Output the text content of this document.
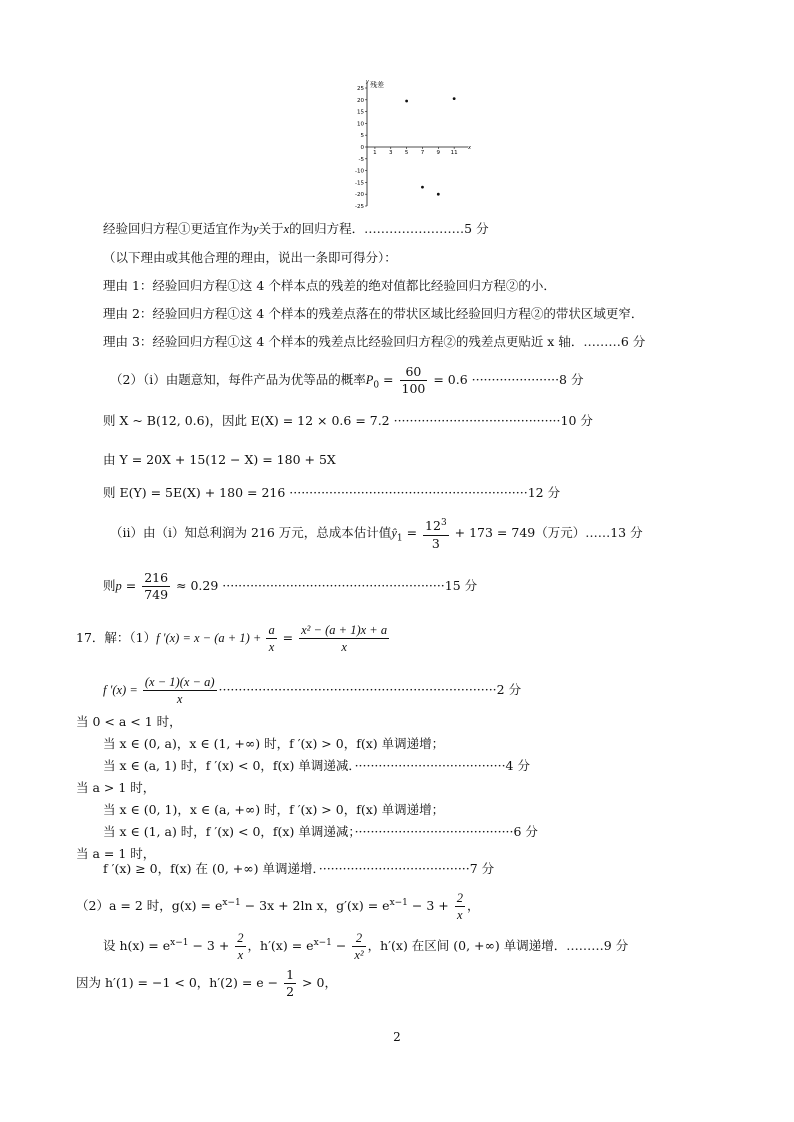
25
20
15
10
5
0
-5
-10
-15
-20
-25
1 3 5 7 9 11
残差
y
x
经验回归方程①更适宜作为y关于x的回归方程．……………………5 分
（以下理由或其他合理的理由，说出一条即可得分）：
理由 1：经验回归方程①这 4 个样本点的残差的绝对值都比经验回归方程②的小．
理由 2：经验回归方程①这 4 个样本的残差点落在的带状区域比经验回归方程②的带状区域更窄．
理由 3：经验回归方程①这 4 个样本的残差点比经验回归方程②的残差点更贴近 x 轴．………6 分
（2）（ⅰ）由题意知，每件产品为优等品的概率$P_0 = \frac{60}{100} = 0.6 \cdot\cdot\cdot\cdot\cdot\cdot\cdot\cdot\cdot\cdot\cdot\cdot\cdot\cdot\cdot\cdot\cdot\cdot\cdot\cdot\cdot\cdot 8$ 分
则 X ~ B(12, 0.6)，因此 E(X) = 12 × 0.6 = 7.2 ··········································10 分
由 Y = 20X + 15(12 − X) = 180 + 5X
则 E(Y) = 5E(X) + 180 = 216 ····························································12 分
（ⅱ）由（ⅰ）知总利润为 216 万元，总成本估计值$ŷ_1 = \frac{12^3}{3} + 173 = 749$（万元）……13 分
则$p = \frac{216}{749} \approx 0.29 \cdot\cdot\cdot\cdot\cdot\cdot\cdot\cdot\cdot\cdot\cdot\cdot\cdot\cdot\cdot\cdot\cdot\cdot\cdot\cdot\cdot\cdot\cdot\cdot\cdot\cdot\cdot\cdot\cdot\cdot\cdot\cdot\cdot\cdot\cdot\cdot\cdot\cdot\cdot\cdot\cdot\cdot\cdot\cdot\cdot\cdot\cdot\cdot\cdot\cdot\cdot\cdot\cdot\cdot\cdot\cdot 15$ 分
17．解：（1）f $'(x) = x - (a + 1) + \frac{a}{x} = \frac{\text{x² − (a + 1)x + a}}{x}$
f $'(x) = \frac{(x - 1)(x - a)}{x} \cdot\cdot\cdot\cdot\cdot\cdot\cdot\cdot\cdot\cdot\cdot\cdot\cdot\cdot\cdot\cdot\cdot\cdot\cdot\cdot\cdot\cdot\cdot\cdot\cdot\cdot\cdot\cdot\cdot\cdot\cdot\cdot\cdot\cdot\cdot\cdot\cdot\cdot\cdot\cdot\cdot\cdot\cdot\cdot\cdot\cdot\cdot\cdot\cdot\cdot\cdot\cdot\cdot\cdot\cdot\cdot\cdot\cdot\cdot\cdot\cdot\cdot\cdot\cdot\cdot\cdot\cdot\cdot\cdot\cdot 2$ 分
当 0 < a < 1 时，
当 x ∈ (0, a)，x ∈ (1, +∞) 时，f ′(x) > 0，f(x) 单调递增；
当 x ∈ (a, 1) 时，f ′(x) < 0，f(x) 单调递减．······································4 分
当 a > 1 时，
当 x ∈ (0, 1)，x ∈ (a, +∞) 时，f ′(x) > 0，f(x) 单调递增；
当 x ∈ (1, a) 时，f ′(x) < 0，f(x) 单调递减；········································6 分
当 a = 1 时，
f ′(x) ≥ 0，f(x) 在 (0, +∞) 单调递增．······································7 分
（2）a = 2 时，$g(x) = e^{x-1} - 3x + 2\ln$ x，$g'(x) = e^{x-1} - 3 + \frac{2}{x}$ ，
设 $h(x) = e^{x-1} - 3 + \frac{2}{x}$ ，$h'(x) = e^{x-1} - \frac{2}{\text{x²}}$ ，h′(x) 在区间 (0, +∞) 单调递增．………9 分
因为 h′(1) = −1 < 0，$h'(2) = e - \frac{1}{2} > 0$，
2
